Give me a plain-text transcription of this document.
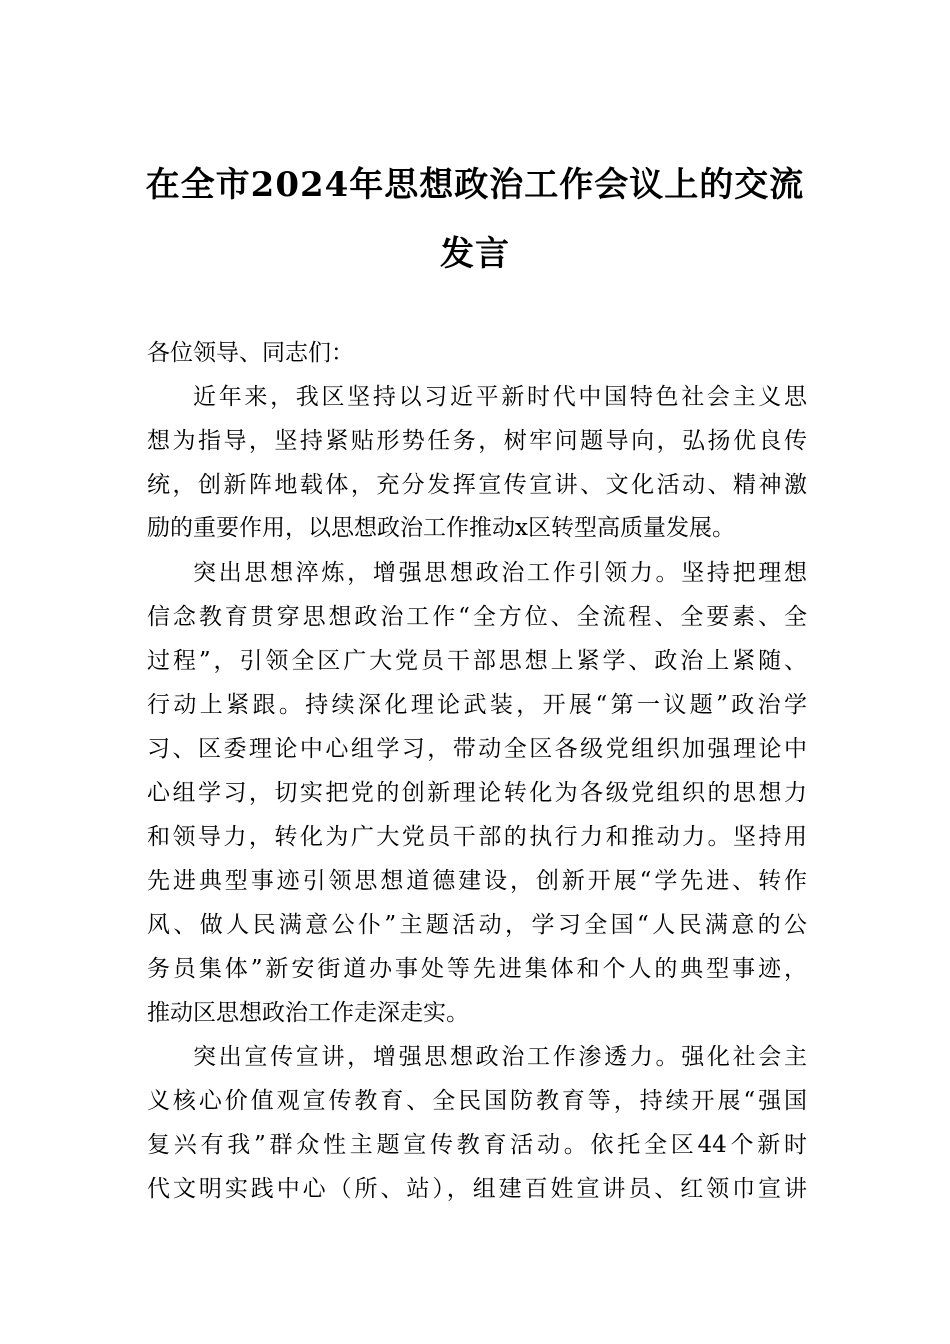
在全市2024年思想政治工作会议上的交流
发言

各位领导、同志们：

近年来，我区坚持以习近平新时代中国特色社会主义思

想为指导，坚持紧贴形势任务，树牢问题导向，弘扬优良传

统，创新阵地载体，充分发挥宣传宣讲、文化活动、精神激

励的重要作用，以思想政治工作推动x区转型高质量发展。

突出思想淬炼，增强思想政治工作引领力。坚持把理想

信念教育贯穿思想政治工作“全方位、全流程、全要素、全

过程”，引领全区广大党员干部思想上紧学、政治上紧随、

行动上紧跟。持续深化理论武装，开展“第一议题”政治学

习、区委理论中心组学习，带动全区各级党组织加强理论中

心组学习，切实把党的创新理论转化为各级党组织的思想力

和领导力，转化为广大党员干部的执行力和推动力。坚持用

先进典型事迹引领思想道德建设，创新开展“学先进、转作

风、做人民满意公仆”主题活动，学习全国“人民满意的公

务员集体”新安街道办事处等先进集体和个人的典型事迹，

推动区思想政治工作走深走实。

突出宣传宣讲，增强思想政治工作渗透力。强化社会主

义核心价值观宣传教育、全民国防教育等，持续开展“强国

复兴有我”群众性主题宣传教育活动。依托全区44个新时

代文明实践中心（所、站），组建百姓宣讲员、红领巾宣讲
